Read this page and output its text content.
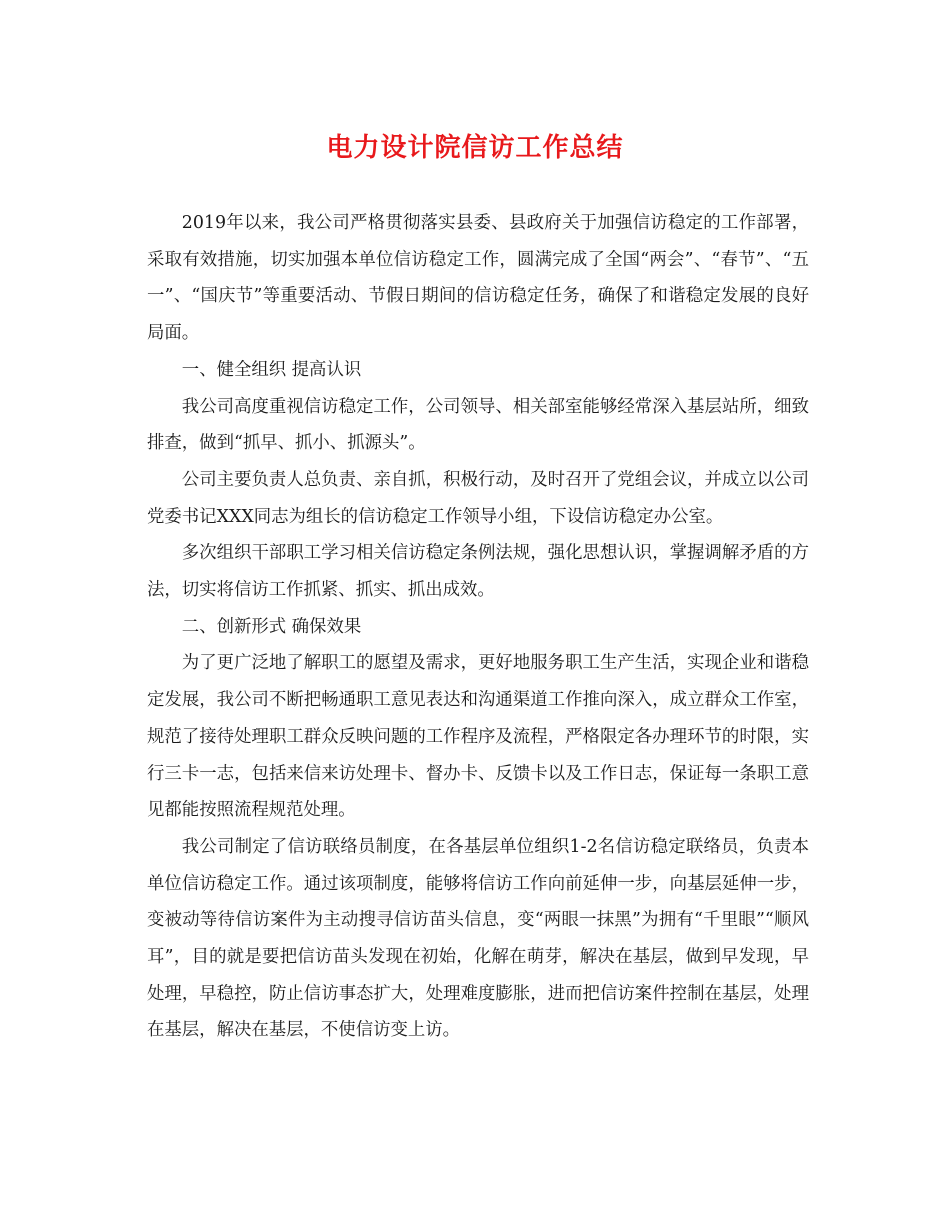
电力设计院信访工作总结

2019年以来，我公司严格贯彻落实县委、县政府关于加强信访稳定的工作部署，采取有效措施，切实加强本单位信访稳定工作，圆满完成了全国“两会”、“春节”、“五一”、“国庆节”等重要活动、节假日期间的信访稳定任务，确保了和谐稳定发展的良好局面。

一、健全组织 提高认识

我公司高度重视信访稳定工作，公司领导、相关部室能够经常深入基层站所，细致排查，做到“抓早、抓小、抓源头”。

公司主要负责人总负责、亲自抓，积极行动，及时召开了党组会议，并成立以公司党委书记XXX同志为组长的信访稳定工作领导小组，下设信访稳定办公室。

多次组织干部职工学习相关信访稳定条例法规，强化思想认识，掌握调解矛盾的方法，切实将信访工作抓紧、抓实、抓出成效。

二、创新形式 确保效果

为了更广泛地了解职工的愿望及需求，更好地服务职工生产生活，实现企业和谐稳定发展，我公司不断把畅通职工意见表达和沟通渠道工作推向深入，成立群众工作室，规范了接待处理职工群众反映问题的工作程序及流程，严格限定各办理环节的时限，实行三卡一志，包括来信来访处理卡、督办卡、反馈卡以及工作日志，保证每一条职工意见都能按照流程规范处理。

我公司制定了信访联络员制度，在各基层单位组织1-2名信访稳定联络员，负责本单位信访稳定工作。通过该项制度，能够将信访工作向前延伸一步，向基层延伸一步，变被动等待信访案件为主动搜寻信访苗头信息，变“两眼一抹黑”为拥有“千里眼”“顺风耳”，目的就是要把信访苗头发现在初始，化解在萌芽，解决在基层，做到早发现，早处理，早稳控，防止信访事态扩大，处理难度膨胀，进而把信访案件控制在基层，处理在基层，解决在基层，不使信访变上访。
